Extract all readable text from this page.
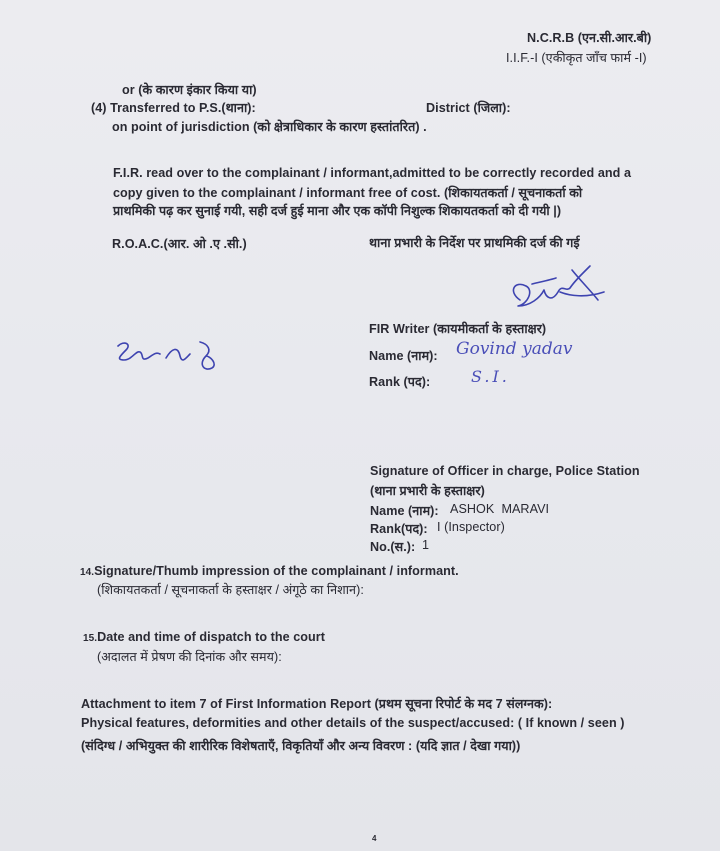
N.C.R.B (एन.सी.आर.बी)
I.I.F.-I (एकीकृत जाँच फार्म -I)
or (के कारण इंकार किया या)
(4) Transferred to P.S.(थाना):	District (जिला):
on point of jurisdiction (को क्षेत्राधिकार के कारण हस्तांतरित) .
F.I.R. read over to the complainant / informant,admitted to be correctly recorded and a
copy given to the complainant / informant free of cost. (शिकायतकर्ता / सूचनाकर्ता को
प्राथमिकी पढ़ कर सुनाई गयी, सही दर्ज हुई माना और एक कॉपी निशुल्क शिकायतकर्ता को दी गयी |)
R.O.A.C.(आर. ओ .ए .सी.)	थाना प्रभारी के निर्देश पर प्राथमिकी दर्ज की गई
FIR Writer (कायमीकर्ता के हस्ताक्षर)
Name (नाम): Govind yadav
Rank (पद):	S.I.
Signature of Officer in charge, Police Station
(थाना प्रभारी के हस्ताक्षर)
Name (नाम): ASHOK  MARAVI
Rank(पद): I (Inspector)
No.(स.): 1
14.Signature/Thumb impression of the complainant / informant.
(शिकायतकर्ता / सूचनाकर्ता के हस्ताक्षर / अंगूठे का निशान):
15.Date and time of dispatch to the court
(अदालत में प्रेषण की दिनांक और समय):
Attachment to item 7 of First Information Report (प्रथम सूचना रिपोर्ट के मद 7 संलग्नक):
Physical features, deformities and other details of the suspect/accused: ( If known / seen )
(संदिग्ध / अभियुक्त की शारीरिक विशेषताएँ, विकृतियाँ और अन्य विवरण : (यदि ज्ञात / देखा गया))
4
